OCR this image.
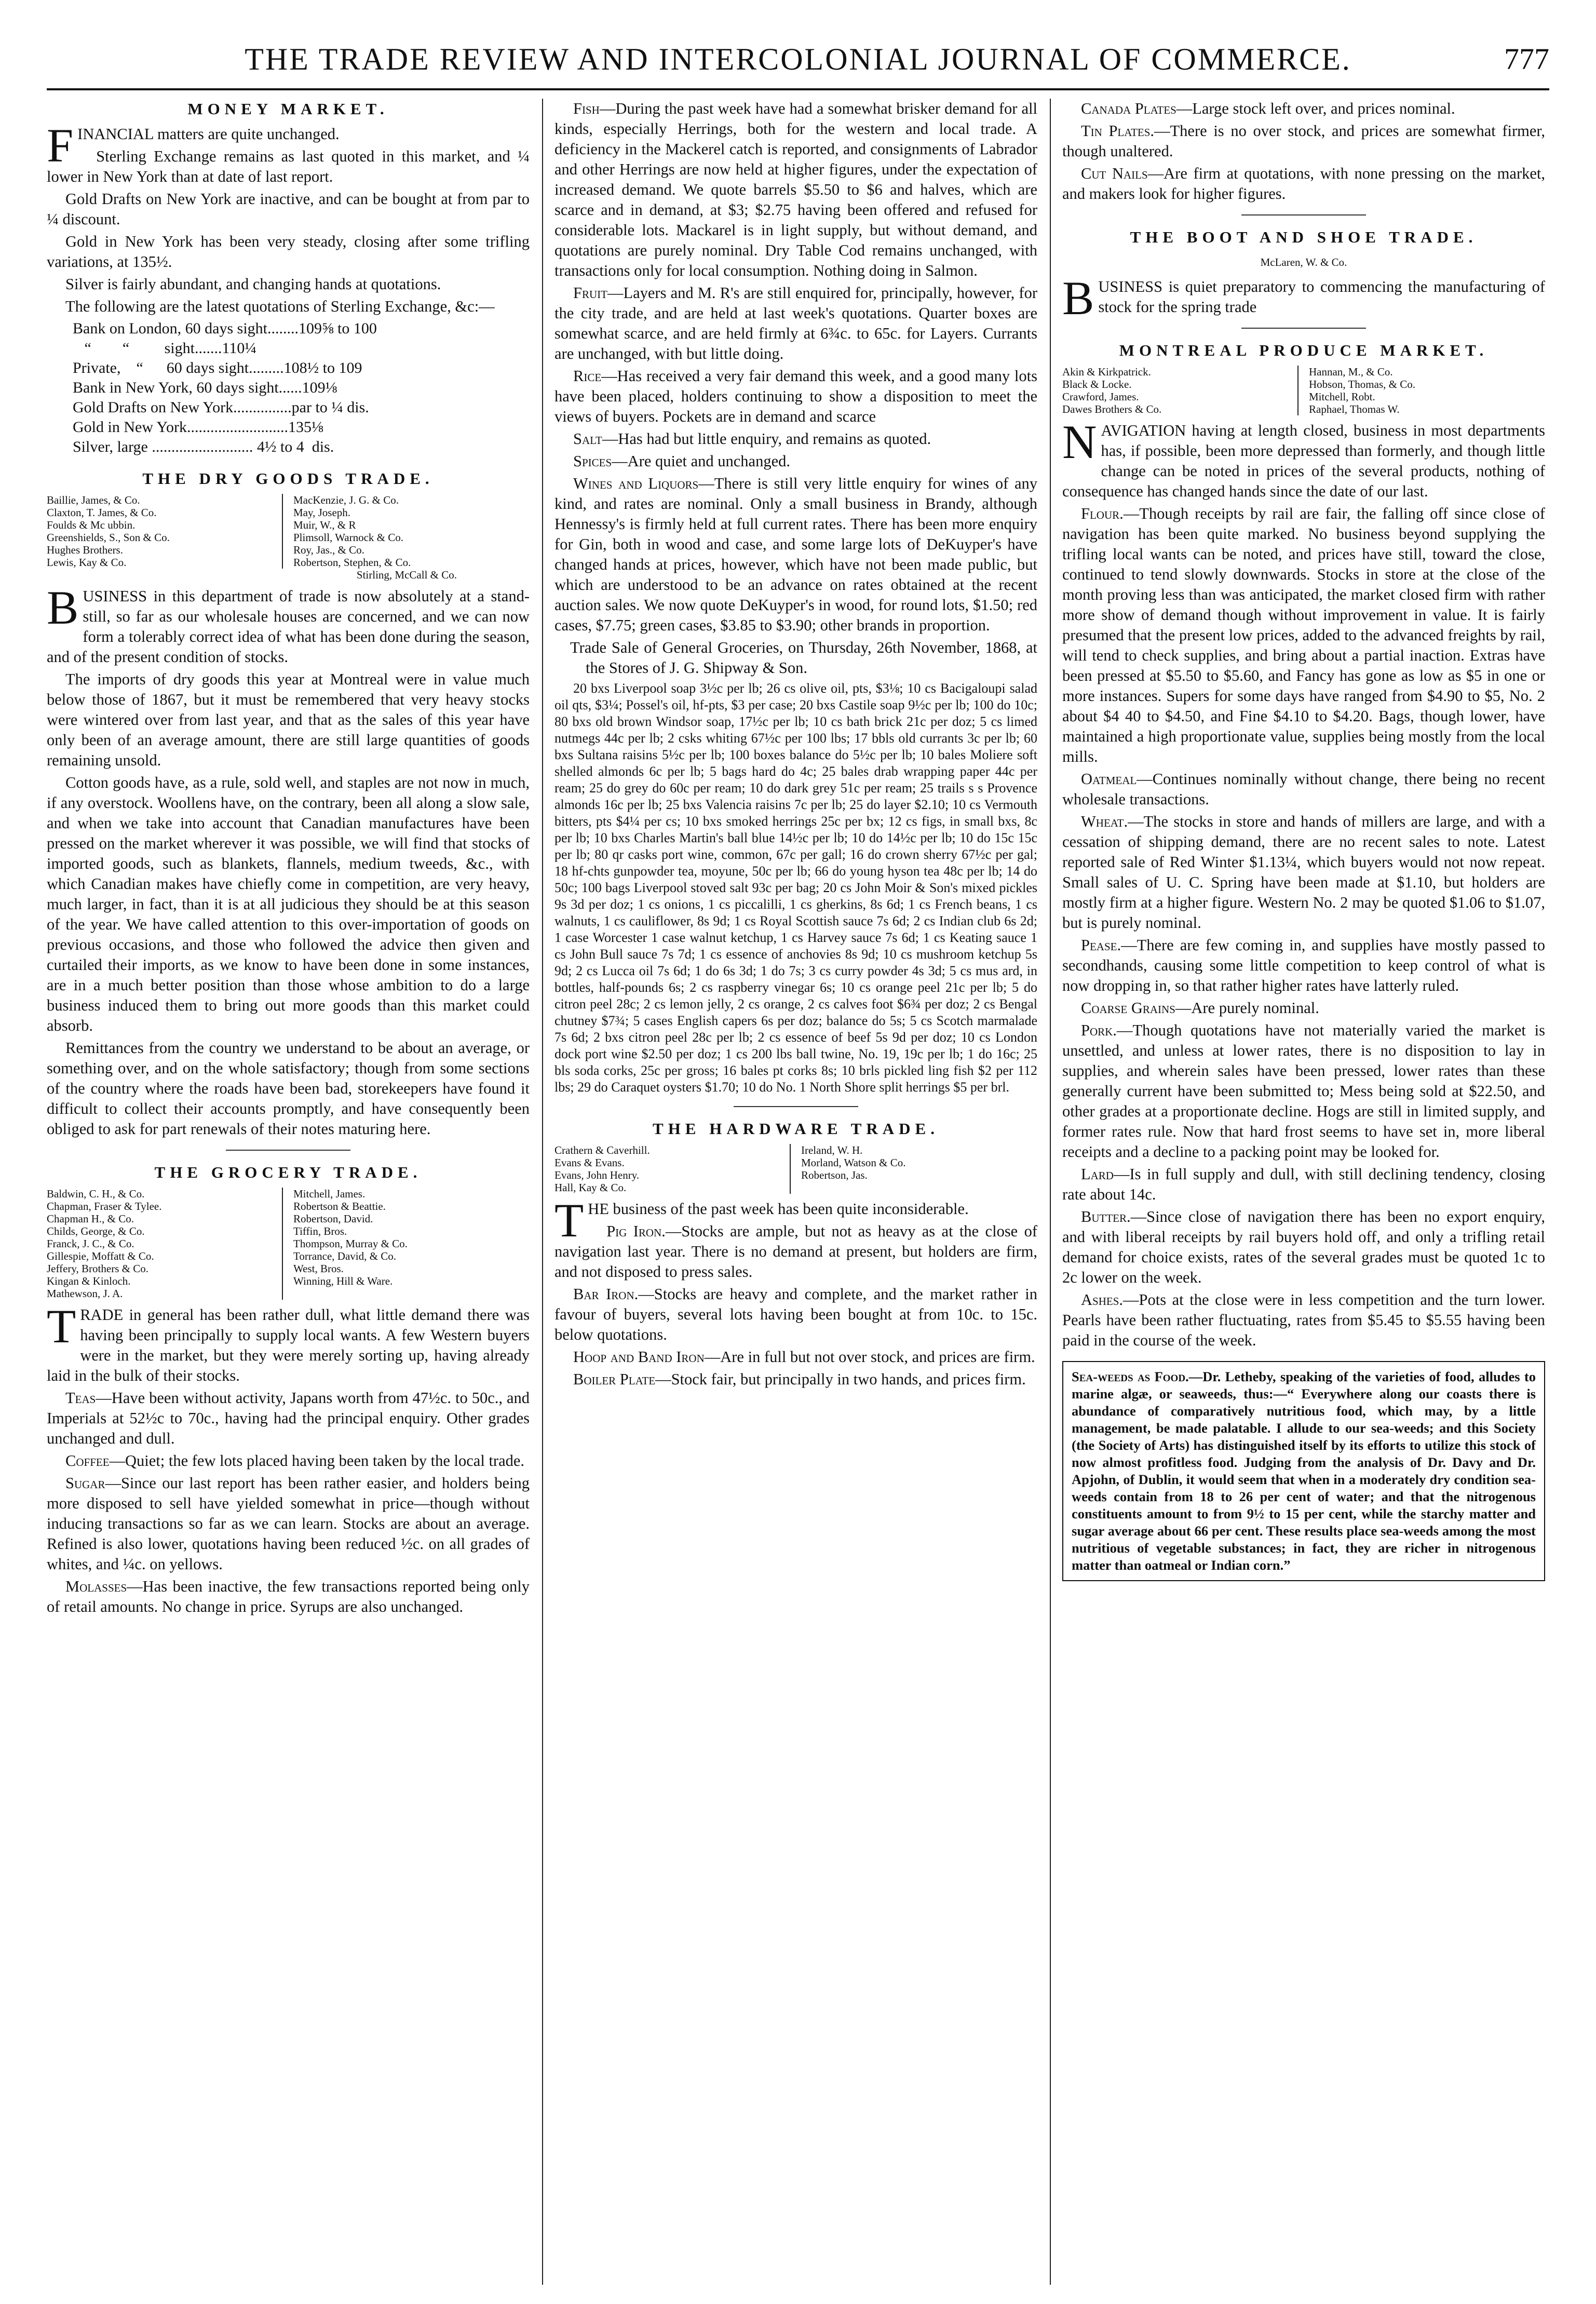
THE TRADE REVIEW AND INTERCOLONIAL JOURNAL OF COMMERCE.	777
MONEY MARKET.

FINANCIAL matters are quite unchanged.

Sterling Exchange remains as last quoted in this market, and ¼ lower in New York than at date of last report.

Gold Drafts on New York are inactive, and can be bought at from par to ¼ discount.

Gold in New York has been very steady, closing after some trifling variations, at 135½.

Silver is fairly abundant, and changing hands at quotations.

The following are the latest quotations of Sterling Exchange, &c:—

Bank on London, 60 days sight........109⅝ to 100
“        “         sight.......110¼
Private,    “      60 days sight.........108½ to 109
Bank in New York, 60 days sight......109⅛
Gold Drafts on New York...............par to ¼ dis.
Gold in New York..........................135⅛
Silver, large .......................... 4½ to 4  dis.
THE DRY GOODS TRADE.
Baillie, James, & Co.
Claxton, T. James, & Co.
Foulds & Mc ubbin.
Greenshields, S., Son & Co.
Hughes Brothers.
Lewis, Kay & Co.
MacKenzie, J. G. & Co.
May, Joseph.
Muir, W., & R
Plimsoll, Warnock & Co.
Roy, Jas., & Co.
Robertson, Stephen, & Co.
Stirling, McCall & Co.

BUSINESS in this department of trade is now absolutely at a stand-still, so far as our wholesale houses are concerned, and we can now form a tolerably correct idea of what has been done during the season, and of the present condition of stocks.

The imports of dry goods this year at Montreal were in value much below those of 1867, but it must be remembered that very heavy stocks were wintered over from last year, and that as the sales of this year have only been of an average amount, there are still large quantities of goods remaining unsold.

Cotton goods have, as a rule, sold well, and staples are not now in much, if any overstock. Woollens have, on the contrary, been all along a slow sale, and when we take into account that Canadian manufactures have been pressed on the market wherever it was possible, we will find that stocks of imported goods, such as blankets, flannels, medium tweeds, &c., with which Canadian makes have chiefly come in competition, are very heavy, much larger, in fact, than it is at all judicious they should be at this season of the year. We have called attention to this over-importation of goods on previous occasions, and those who followed the advice then given and curtailed their imports, as we know to have been done in some instances, are in a much better position than those whose ambition to do a large business induced them to bring out more goods than this market could absorb.

Remittances from the country we understand to be about an average, or something over, and on the whole satisfactory; though from some sections of the country where the roads have been bad, storekeepers have found it difficult to collect their accounts promptly, and have consequently been obliged to ask for part renewals of their notes maturing here.

THE GROCERY TRADE.
Baldwin, C. H., & Co.
Chapman, Fraser & Tylee.
Chapman H., & Co.
Childs, George, & Co.
Franck, J. C., & Co.
Gillespie, Moffatt & Co.
Jeffery, Brothers & Co.
Kingan & Kinloch.
Mathewson, J. A.
Mitchell, James.
Robertson & Beattie.
Robertson, David.
Tiffin, Bros.
Thompson, Murray & Co.
Torrance, David, & Co.
West, Bros.
Winning, Hill & Ware.

TRADE in general has been rather dull, what little demand there was having been principally to supply local wants. A few Western buyers were in the market, but they were merely sorting up, having already laid in the bulk of their stocks.

Teas—Have been without activity, Japans worth from 47½c. to 50c., and Imperials at 52½c to 70c., having had the principal enquiry. Other grades unchanged and dull.

Coffee—Quiet; the few lots placed having been taken by the local trade.

Sugar—Since our last report has been rather easier, and holders being more disposed to sell have yielded somewhat in price—though without inducing transactions so far as we can learn. Stocks are about an average. Refined is also lower, quotations having been reduced ½c. on all grades of whites, and ¼c. on yellows.

Molasses—Has been inactive, the few transactions reported being only of retail amounts. No change in price. Syrups are also unchanged.

Fish—During the past week have had a somewhat brisker demand for all kinds, especially Herrings, both for the western and local trade. A deficiency in the Mackerel catch is reported, and consignments of Labrador and other Herrings are now held at higher figures, under the expectation of increased demand. We quote barrels $5.50 to $6 and halves, which are scarce and in demand, at $3; $2.75 having been offered and refused for considerable lots. Mackarel is in light supply, but without demand, and quotations are purely nominal. Dry Table Cod remains unchanged, with transactions only for local consumption. Nothing doing in Salmon.

Fruit—Layers and M. R's are still enquired for, principally, however, for the city trade, and are held at last week's quotations. Quarter boxes are somewhat scarce, and are held firmly at 6¾c. to 65c. for Layers. Currants are unchanged, with but little doing.

Rice—Has received a very fair demand this week, and a good many lots have been placed, holders continuing to show a disposition to meet the views of buyers. Pockets are in demand and scarce

Salt—Has had but little enquiry, and remains as quoted.

Spices—Are quiet and unchanged.

Wines and Liquors—There is still very little enquiry for wines of any kind, and rates are nominal. Only a small business in Brandy, although Hennessy's is firmly held at full current rates. There has been more enquiry for Gin, both in wood and case, and some large lots of DeKuyper's have changed hands at prices, however, which have not been made public, but which are understood to be an advance on rates obtained at the recent auction sales. We now quote DeKuyper's in wood, for round lots, $1.50; red cases, $7.75; green cases, $3.85 to $3.90; other brands in proportion.

Trade Sale of General Groceries, on Thursday, 26th November, 1868, at the Stores of J. G. Shipway & Son.

20 bxs Liverpool soap 3½c per lb; 26 cs olive oil, pts, $3⅛; 10 cs Bacigaloupi salad oil qts, $3¼; Possel's oil, hf-pts, $3 per case; 20 bxs Castile soap 9½c per lb; 100 do 10c; 80 bxs old brown Windsor soap, 17½c per lb; 10 cs bath brick 21c per doz; 5 cs limed nutmegs 44c per lb; 2 csks whiting 67½c per 100 lbs; 17 bbls old currants 3c per lb; 60 bxs Sultana raisins 5½c per lb; 100 boxes balance do 5½c per lb; 10 bales Moliere soft shelled almonds 6c per lb; 5 bags hard do 4c; 25 bales drab wrapping paper 44c per ream; 25 do grey do 60c per ream; 10 do dark grey 51c per ream; 25 trails s s Provence almonds 16c per lb; 25 bxs Valencia raisins 7c per lb; 25 do layer $2.10; 10 cs Vermouth bitters, pts $4¼ per cs; 10 bxs smoked herrings 25c per bx; 12 cs figs, in small bxs, 8c per lb; 10 bxs Charles Martin's ball blue 14½c per lb; 10 do 14½c per lb; 10 do 15c 15c per lb; 80 qr casks port wine, common, 67c per gall; 16 do crown sherry 67½c per gal; 18 hf-chts gunpowder tea, moyune, 50c per lb; 66 do young hyson tea 48c per lb; 14 do 50c; 100 bags Liverpool stoved salt 93c per bag; 20 cs John Moir & Son's mixed pickles 9s 3d per doz; 1 cs onions, 1 cs piccalilli, 1 cs gherkins, 8s 6d; 1 cs French beans, 1 cs walnuts, 1 cs cauliflower, 8s 9d; 1 cs Royal Scottish sauce 7s 6d; 2 cs Indian club 6s 2d; 1 case Worcester 1 case walnut ketchup, 1 cs Harvey sauce 7s 6d; 1 cs Keating sauce 1 cs John Bull sauce 7s 7d; 1 cs essence of anchovies 8s 9d; 10 cs mushroom ketchup 5s 9d; 2 cs Lucca oil 7s 6d; 1 do 6s 3d; 1 do 7s; 3 cs curry powder 4s 3d; 5 cs mus ard, in bottles, half-pounds 6s; 2 cs raspberry vinegar 6s; 10 cs orange peel 21c per lb; 5 do citron peel 28c; 2 cs lemon jelly, 2 cs orange, 2 cs calves foot $6¾ per doz; 2 cs Bengal chutney $7¾; 5 cases English capers 6s per doz; balance do 5s; 5 cs Scotch marmalade 7s 6d; 2 bxs citron peel 28c per lb; 2 cs essence of beef 5s 9d per doz; 10 cs London dock port wine $2.50 per doz; 1 cs 200 lbs ball twine, No. 19, 19c per lb; 1 do 16c; 25 bls soda corks, 25c per gross; 16 bales pt corks 8s; 10 brls pickled ling fish $2 per 112 lbs; 29 do Caraquet oysters $1.70; 10 do No. 1 North Shore split herrings $5 per brl.

THE HARDWARE TRADE.
Crathern & Caverhill.
Evans & Evans.
Evans, John Henry.
Hall, Kay & Co.
Ireland, W. H.
Morland, Watson & Co.
Robertson, Jas.

THE business of the past week has been quite inconsiderable.

Pig Iron.—Stocks are ample, but not as heavy as at the close of navigation last year. There is no demand at present, but holders are firm, and not disposed to press sales.

Bar Iron.—Stocks are heavy and complete, and the market rather in favour of buyers, several lots having been bought at from 10c. to 15c. below quotations.

Hoop and Band Iron—Are in full but not over stock, and prices are firm.

Boiler Plate—Stock fair, but principally in two hands, and prices firm.

Canada Plates—Large stock left over, and prices nominal.

Tin Plates.—There is no over stock, and prices are somewhat firmer, though unaltered.

Cut Nails—Are firm at quotations, with none pressing on the market, and makers look for higher figures.

THE BOOT AND SHOE TRADE.
McLaren, W. & Co.

BUSINESS is quiet preparatory to commencing the manufacturing of stock for the spring trade

MONTREAL PRODUCE MARKET.
Akin & Kirkpatrick.
Black & Locke.
Crawford, James.
Dawes Brothers & Co.
Hannan, M., & Co.
Hobson, Thomas, & Co.
Mitchell, Robt.
Raphael, Thomas W.

NAVIGATION having at length closed, business in most departments has, if possible, been more depressed than formerly, and though little change can be noted in prices of the several products, nothing of consequence has changed hands since the date of our last.

Flour.—Though receipts by rail are fair, the falling off since close of navigation has been quite marked. No business beyond supplying the trifling local wants can be noted, and prices have still, toward the close, continued to tend slowly downwards. Stocks in store at the close of the month proving less than was anticipated, the market closed firm with rather more show of demand though without improvement in value. It is fairly presumed that the present low prices, added to the advanced freights by rail, will tend to check supplies, and bring about a partial inaction. Extras have been pressed at $5.50 to $5.60, and Fancy has gone as low as $5 in one or more instances. Supers for some days have ranged from $4.90 to $5, No. 2 about $4 40 to $4.50, and Fine $4.10 to $4.20. Bags, though lower, have maintained a high proportionate value, supplies being mostly from the local mills.

Oatmeal—Continues nominally without change, there being no recent wholesale transactions.

Wheat.—The stocks in store and hands of millers are large, and with a cessation of shipping demand, there are no recent sales to note. Latest reported sale of Red Winter $1.13¼, which buyers would not now repeat. Small sales of U. C. Spring have been made at $1.10, but holders are mostly firm at a higher figure. Western No. 2 may be quoted $1.06 to $1.07, but is purely nominal.

Pease.—There are few coming in, and supplies have mostly passed to secondhands, causing some little competition to keep control of what is now dropping in, so that rather higher rates have latterly ruled.

Coarse Grains—Are purely nominal.

Pork.—Though quotations have not materially varied the market is unsettled, and unless at lower rates, there is no disposition to lay in supplies, and wherein sales have been pressed, lower rates than these generally current have been submitted to; Mess being sold at $22.50, and other grades at a proportionate decline. Hogs are still in limited supply, and former rates rule. Now that hard frost seems to have set in, more liberal receipts and a decline to a packing point may be looked for.

Lard—Is in full supply and dull, with still declining tendency, closing rate about 14c.

Butter.—Since close of navigation there has been no export enquiry, and with liberal receipts by rail buyers hold off, and only a trifling retail demand for choice exists, rates of the several grades must be quoted 1c to 2c lower on the week.

Ashes.—Pots at the close were in less competition and the turn lower. Pearls have been rather fluctuating, rates from $5.45 to $5.55 having been paid in the course of the week.

Sea-weeds as Food.—Dr. Letheby, speaking of the varieties of food, alludes to marine algæ, or seaweeds, thus:—“ Everywhere along our coasts there is abundance of comparatively nutritious food, which may, by a little management, be made palatable. I allude to our sea-weeds; and this Society (the Society of Arts) has distinguished itself by its efforts to utilize this stock of now almost profitless food. Judging from the analysis of Dr. Davy and Dr. Apjohn, of Dublin, it would seem that when in a moderately dry condition sea-weeds contain from 18 to 26 per cent of water; and that the nitrogenous constituents amount to from 9½ to 15 per cent, while the starchy matter and sugar average about 66 per cent. These results place sea-weeds among the most nutritious of vegetable substances; in fact, they are richer in nitrogenous matter than oatmeal or Indian corn.”
